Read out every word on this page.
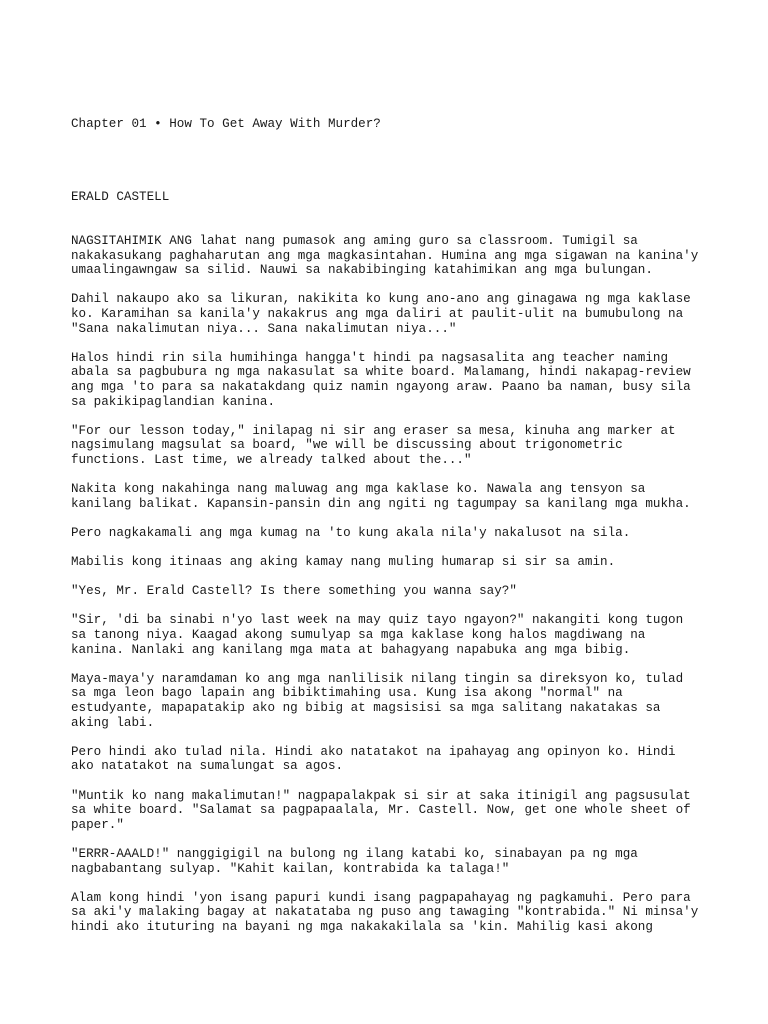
Chapter 01 • How To Get Away With Murder?
ERALD CASTELL

NAGSITAHIMIK ANG lahat nang pumasok ang aming guro sa classroom. Tumigil sa
nakakasukang paghaharutan ang mga magkasintahan. Humina ang mga sigawan na kanina'y
umaalingawngaw sa silid. Nauwi sa nakabibinging katahimikan ang mga bulungan.

Dahil nakaupo ako sa likuran, nakikita ko kung ano-ano ang ginagawa ng mga kaklase
ko. Karamihan sa kanila'y nakakrus ang mga daliri at paulit-ulit na bumubulong na
"Sana nakalimutan niya... Sana nakalimutan niya..."

Halos hindi rin sila humihinga hangga't hindi pa nagsasalita ang teacher naming
abala sa pagbubura ng mga nakasulat sa white board. Malamang, hindi nakapag-review
ang mga 'to para sa nakatakdang quiz namin ngayong araw. Paano ba naman, busy sila
sa pakikipaglandian kanina.

"For our lesson today," inilapag ni sir ang eraser sa mesa, kinuha ang marker at
nagsimulang magsulat sa board, "we will be discussing about trigonometric
functions. Last time, we already talked about the..."

Nakita kong nakahinga nang maluwag ang mga kaklase ko. Nawala ang tensyon sa
kanilang balikat. Kapansin-pansin din ang ngiti ng tagumpay sa kanilang mga mukha.

Pero nagkakamali ang mga kumag na 'to kung akala nila'y nakalusot na sila.

Mabilis kong itinaas ang aking kamay nang muling humarap si sir sa amin.

"Yes, Mr. Erald Castell? Is there something you wanna say?"

"Sir, 'di ba sinabi n'yo last week na may quiz tayo ngayon?" nakangiti kong tugon
sa tanong niya. Kaagad akong sumulyap sa mga kaklase kong halos magdiwang na
kanina. Nanlaki ang kanilang mga mata at bahagyang napabuka ang mga bibig.

Maya-maya'y naramdaman ko ang mga nanlilisik nilang tingin sa direksyon ko, tulad
sa mga leon bago lapain ang bibiktimahing usa. Kung isa akong "normal" na
estudyante, mapapatakip ako ng bibig at magsisisi sa mga salitang nakatakas sa
aking labi.

Pero hindi ako tulad nila. Hindi ako natatakot na ipahayag ang opinyon ko. Hindi
ako natatakot na sumalungat sa agos.

"Muntik ko nang makalimutan!" nagpapalakpak si sir at saka itinigil ang pagsusulat
sa white board. "Salamat sa pagpapaalala, Mr. Castell. Now, get one whole sheet of
paper."

"ERRR-AAALD!" nanggigigil na bulong ng ilang katabi ko, sinabayan pa ng mga
nagbabantang sulyap. "Kahit kailan, kontrabida ka talaga!"

Alam kong hindi 'yon isang papuri kundi isang pagpapahayag ng pagkamuhi. Pero para
sa aki'y malaking bagay at nakatataba ng puso ang tawaging "kontrabida." Ni minsa'y
hindi ako ituturing na bayani ng mga nakakakilala sa 'kin. Mahilig kasi akong
